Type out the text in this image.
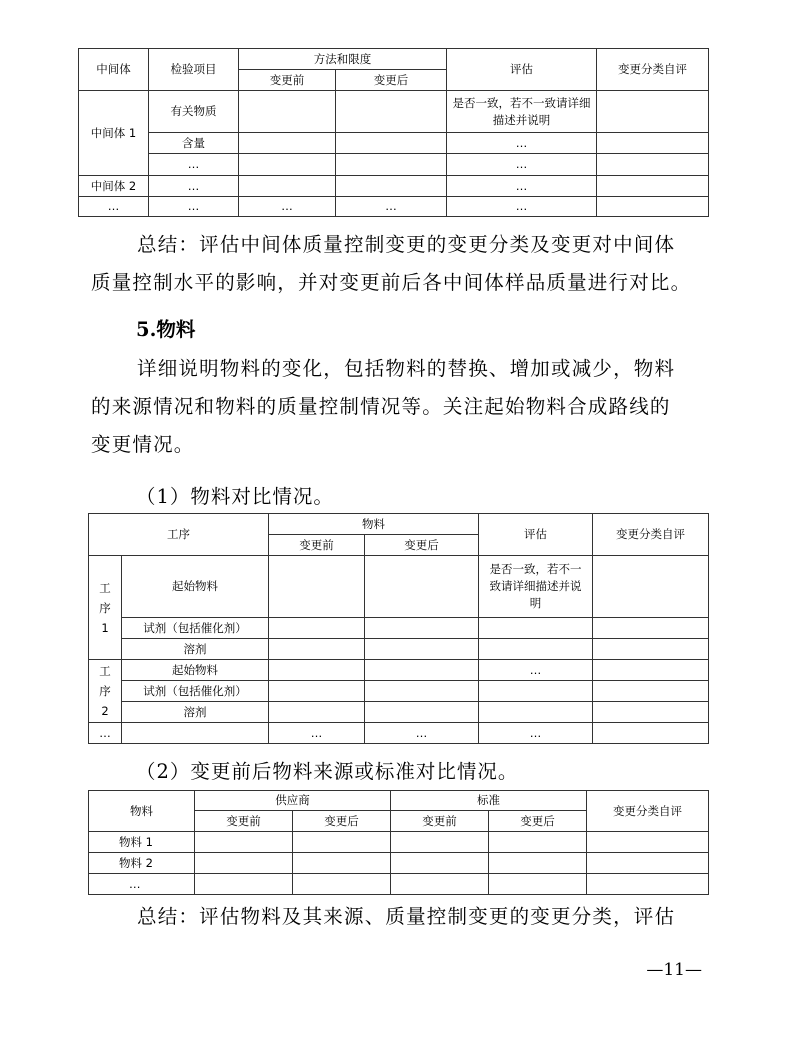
中间体	检验项目	方法和限度		评估	变更分类自评
		变更前	变更后		
中间体 1	有关物质			是否一致，若不一致请详细描述并说明	
	含量			…	
	…			…	
中间体 2	…			…	
…	…	…	…	…	
总结：评估中间体质量控制变更的变更分类及变更对中间体
质量控制水平的影响，并对变更前后各中间体样品质量进行对比。
5.物料
详细说明物料的变化，包括物料的替换、增加或减少，物料
的来源情况和物料的质量控制情况等。关注起始物料合成路线的
变更情况。
（1）物料对比情况。
工序		物料		评估	变更分类自评
		变更前	变更后		
工序 1	起始物料			是否一致，若不一致请详细描述并说明	
	试剂（包括催化剂）				
	溶剂				
工序 2	起始物料			…	
	试剂（包括催化剂）				
	溶剂				
…		…	…	…	
（2）变更前后物料来源或标准对比情况。
物料	供应商		标准		变更分类自评
	变更前	变更后	变更前	变更后	
物料 1					
物料 2					
…					
总结：评估物料及其来源、质量控制变更的变更分类，评估
—11—
